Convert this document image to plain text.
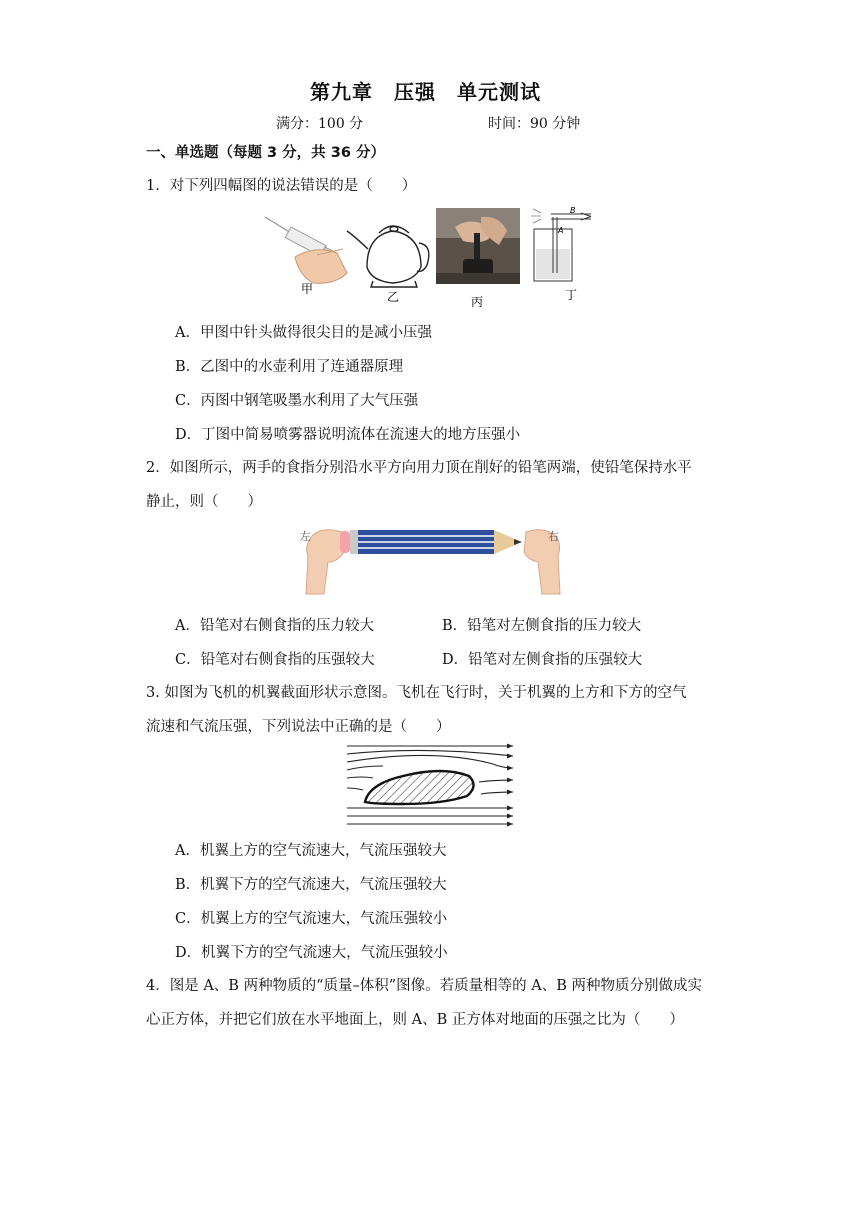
第九章　压强　单元测试
满分：100 分	时间：90 分钟
一、单选题（每题 3 分，共 36 分）
1．对下列四幅图的说法错误的是（　　）
甲
乙	丙
B
A
丁
A．甲图中针头做得很尖目的是减小压强
B．乙图中的水壶利用了连通器原理
C．丙图中钢笔吸墨水利用了大气压强
D．丁图中简易喷雾器说明流体在流速大的地方压强小
2．如图所示，两手的食指分别沿水平方向用力顶在削好的铅笔两端，使铅笔保持水平
静止，则（　　）
左	右
A．铅笔对右侧食指的压力较大	B．铅笔对左侧食指的压力较大
C．铅笔对右侧食指的压强较大	D．铅笔对左侧食指的压强较大
3. 如图为飞机的机翼截面形状示意图。飞机在飞行时，关于机翼的上方和下方的空气
流速和气流压强，下列说法中正确的是（　　）
A．机翼上方的空气流速大，气流压强较大
B．机翼下方的空气流速大，气流压强较大
C．机翼上方的空气流速大，气流压强较小
D．机翼下方的空气流速大，气流压强较小
4．图是 A、B 两种物质的“质量–体积”图像。若质量相等的 A、B 两种物质分别做成实
心正方体，并把它们放在水平地面上，则 A、B 正方体对地面的压强之比为（　　）
